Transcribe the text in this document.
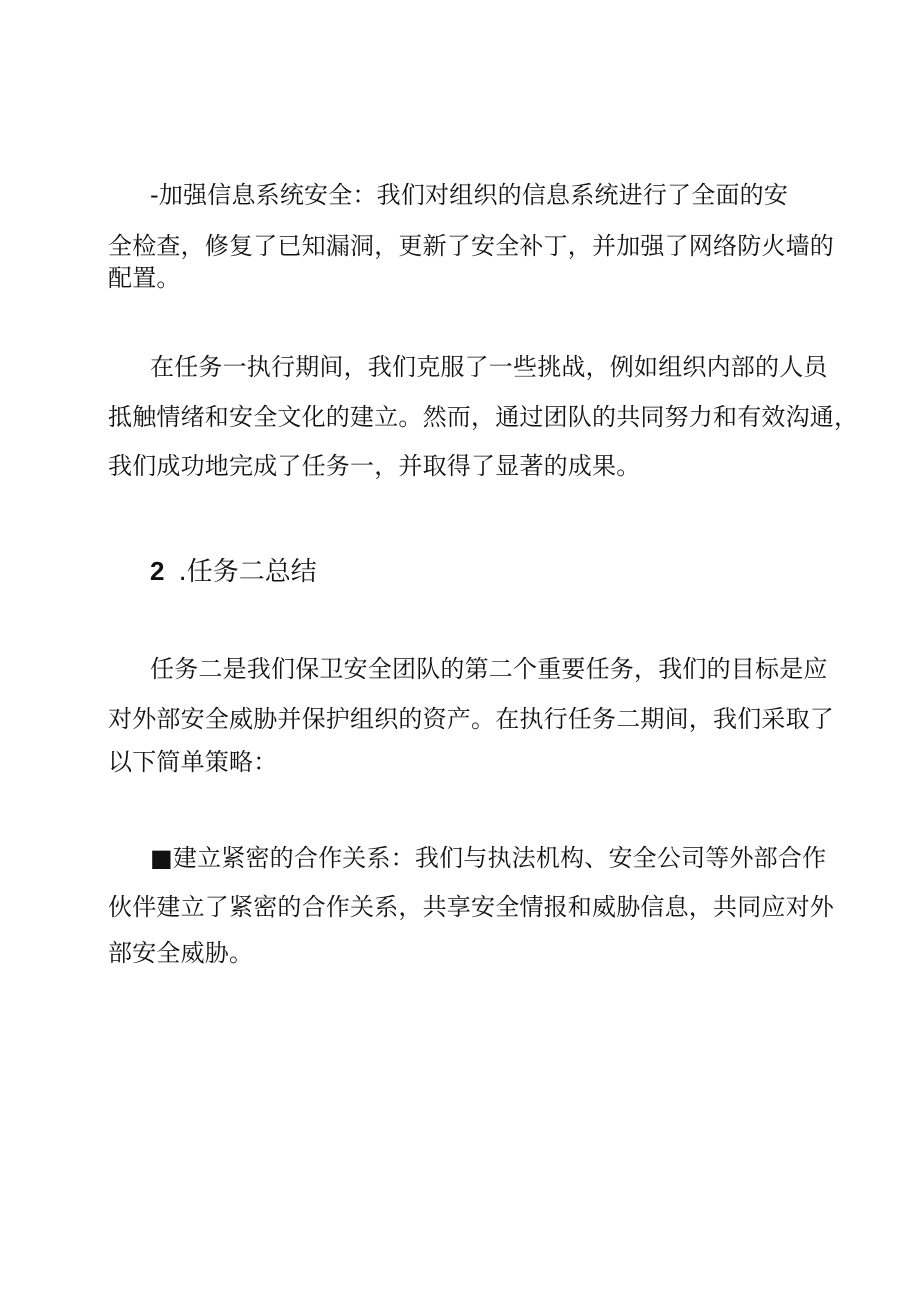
-加强信息系统安全：我们对组织的信息系统进行了全面的安
全检查，修复了已知漏洞，更新了安全补丁，并加强了网络防火墙的
配置。
在任务一执行期间，我们克服了一些挑战，例如组织内部的人员
抵触情绪和安全文化的建立。然而，通过团队的共同努力和有效沟通，
我们成功地完成了任务一，并取得了显著的成果。
2 .任务二总结
任务二是我们保卫安全团队的第二个重要任务，我们的目标是应
对外部安全威胁并保护组织的资产。在执行任务二期间，我们采取了
以下简单策略：
■建立紧密的合作关系：我们与执法机构、安全公司等外部合作
伙伴建立了紧密的合作关系，共享安全情报和威胁信息，共同应对外
部安全威胁。
